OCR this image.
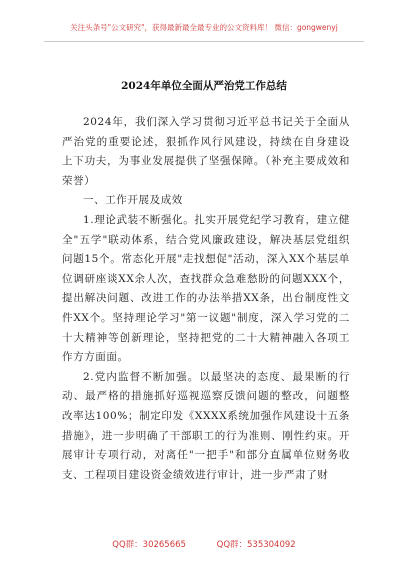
关注头条号"公文研究"，获得最新最全最专业的公文资料库！ 微信：gongwenyj
2024年单位全面从严治党工作总结

2024年，我们深入学习贯彻习近平总书记关于全面从严治党的重要论述，狠抓作风行风建设，持续在自身建设上下功夫，为事业发展提供了坚强保障。（补充主要成效和荣誉）

一、工作开展及成效

1.理论武装不断强化。扎实开展党纪学习教育，建立健全"五学"联动体系，结合党风廉政建设，解决基层党组织问题15个。常态化开展"走找想促"活动，深入XX个基层单位调研座谈XX余人次，查找群众急难愁盼的问题XXX个，提出解决问题、改进工作的办法举措XX条，出台制度性文件XX个。坚持理论学习"第一议题"制度，深入学习党的二十大精神等创新理论，坚持把党的二十大精神融入各项工作方方面面。

2.党内监督不断加强。以最坚决的态度、最果断的行动、最严格的措施抓好巡视巡察反馈问题的整改，问题整改率达100%；制定印发《XXXX系统加强作风建设十五条措施》，进一步明确了干部职工的行为准则、刚性约束。开展审计专项行动，对离任"一把手"和部分直属单位财务收支、工程项目建设资金绩效进行审计，进一步严肃了财

QQ群：30265665	QQ群：535304092
